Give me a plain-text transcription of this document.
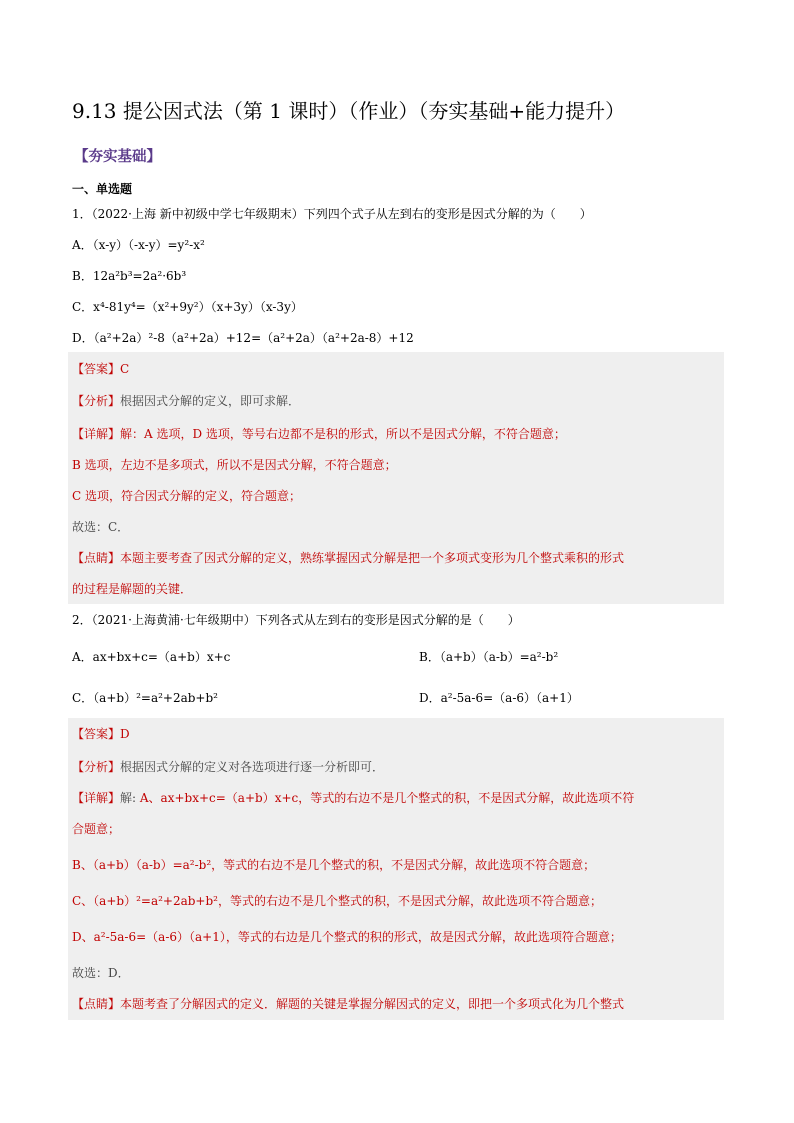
9.13 提公因式法（第 1 课时）（作业）（夯实基础+能力提升）
【夯实基础】
一、单选题
1．（2022·上海 新中初级中学七年级期末）下列四个式子从左到右的变形是因式分解的为（　　）
A．（x-y）（-x-y）=y²-x²
B．12a²b³=2a²·6b³
C．x⁴-81y⁴=（x²+9y²）（x+3y）（x-3y）
D．（a²+2a）²-8（a²+2a）+12=（a²+2a）（a²+2a-8）+12
【答案】C
【分析】根据因式分解的定义，即可求解．
【详解】解：A 选项，D 选项，等号右边都不是积的形式，所以不是因式分解，不符合题意；
B 选项，左边不是多项式，所以不是因式分解，不符合题意；
C 选项，符合因式分解的定义，符合题意；
故选：C．
【点睛】本题主要考查了因式分解的定义，熟练掌握因式分解是把一个多项式变形为几个整式乘积的形式
的过程是解题的关键．
2．（2021·上海黄浦·七年级期中）下列各式从左到右的变形是因式分解的是（　　）
A．ax+bx+c=（a+b）x+c	B．（a+b）（a-b）=a²-b²
C．（a+b）²=a²+2ab+b²	D．a²-5a-6=（a-6）（a+1）
【答案】D
【分析】根据因式分解的定义对各选项进行逐一分析即可．
【详解】解: A、ax+bx+c=（a+b）x+c，等式的右边不是几个整式的积，不是因式分解，故此选项不符
合题意；
B、（a+b）（a-b）=a²-b²，等式的右边不是几个整式的积，不是因式分解，故此选项不符合题意；
C、（a+b）²=a²+2ab+b²，等式的右边不是几个整式的积，不是因式分解，故此选项不符合题意；
D、a²-5a-6=（a-6）（a+1），等式的右边是几个整式的积的形式，故是因式分解，故此选项符合题意；
故选：D．
【点睛】本题考查了分解因式的定义．解题的关键是掌握分解因式的定义，即把一个多项式化为几个整式
